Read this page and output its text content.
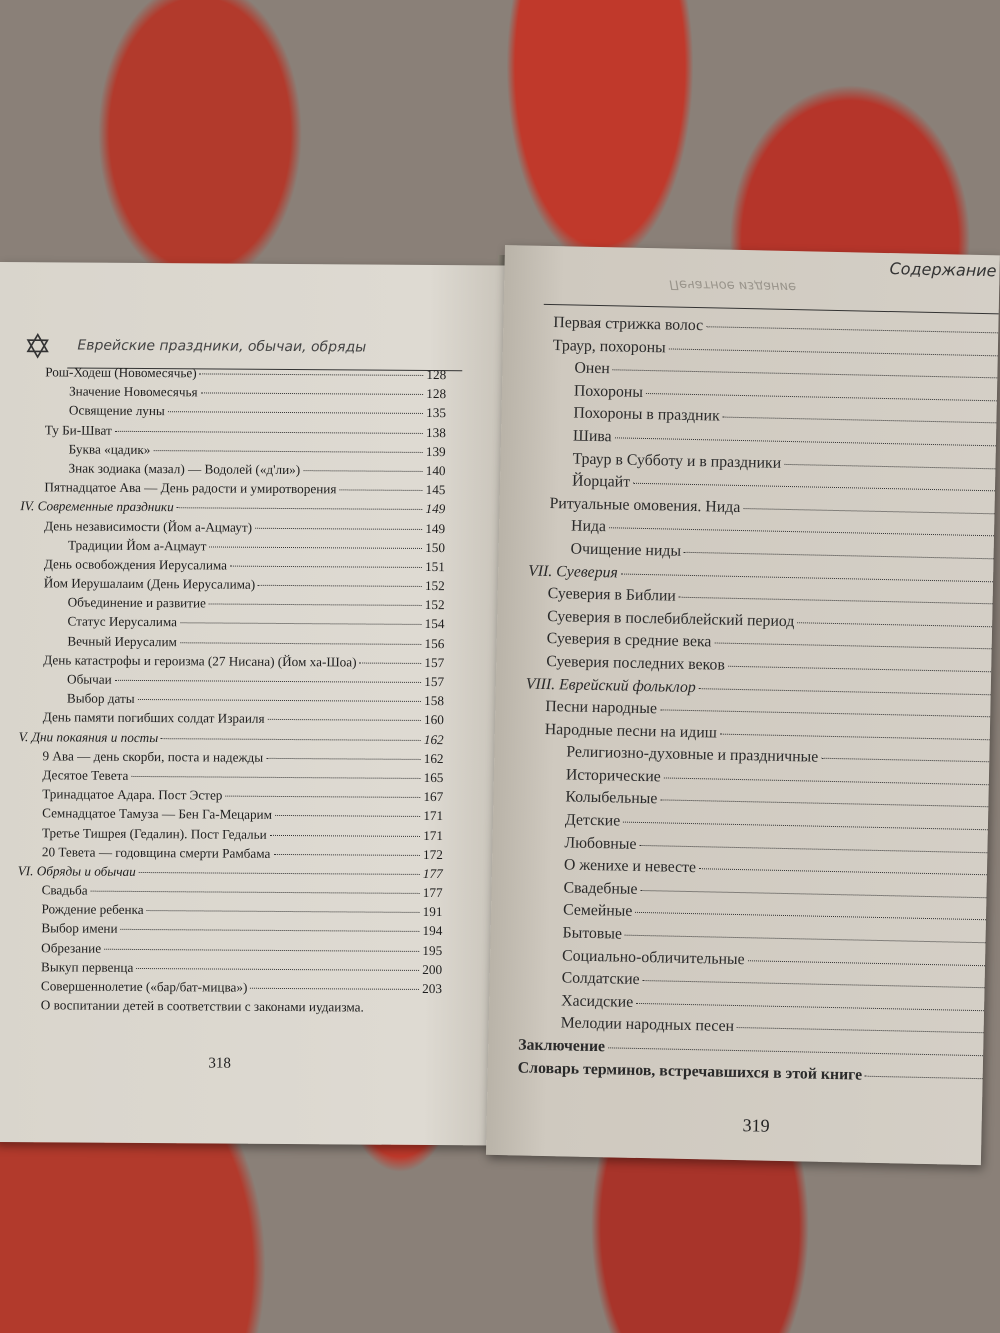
✡ Еврейские праздники, обычаи, обряды
Рош-Ходеш (Новомесячье)	128
Значение Новомесячья	128
Освящение луны	135
Ту Би-Шват	138
Буква «цадик»	139
Знак зодиака (мазал) — Водолей («д'ли»)	140
Пятнадцатое Ава — День радости и умиротворения	145
IV. Современные праздники	149
День независимости (Йом а-Ацмаут)	149
Традиции Йом а-Ацмаут	150
День освобождения Иерусалима	151
Йом Иерушалаим (День Иерусалима)	152
Объединение и развитие	152
Статус Иерусалима	154
Вечный Иерусалим	156
День катастрофы и героизма (27 Нисана) (Йом ха-Шоа)	157
Обычаи	157
Выбор даты	158
День памяти погибших солдат Израиля	160
V. Дни покаяния и посты	162
9 Ава — день скорби, поста и надежды	162
Десятое Тевета	165
Тринадцатое Адара. Пост Эстер	167
Семнадцатое Тамуза — Бен Га-Мецарим	171
Третье Тишрея (Гедалин). Пост Гедальи	171
20 Тевета — годовщина смерти Рамбама	172
VI. Обряды и обычаи	177
Свадьба	177
Рождение ребенка	191
Выбор имени	194
Обрезание	195
Выкуп первенца	200
Совершеннолетие («бар/бат-мицва»)	203
О воспитании детей в соответствии с законами иудаизма.
318
Печатное издание
Содержание
Первая стрижка волос
Траур, похороны
Онен
Похороны
Похороны в праздник
Шива
Траур в Субботу и в праздники
Йорцайт
Ритуальные омовения. Нида
Нида
Очищение ниды
VII. Суеверия
Суеверия в Библии
Суеверия в послебиблейский период
Суеверия в средние века
Суеверия последних веков
VIII. Еврейский фольклор
Песни народные
Народные песни на идиш
Религиозно-духовные и праздничные
Исторические
Колыбельные
Детские
Любовные
О женихе и невесте
Свадебные
Семейные
Бытовые
Социально-обличительные
Солдатские
Хасидские
Мелодии народных песен
Заключение
Словарь терминов, встречавшихся в этой книге
319
